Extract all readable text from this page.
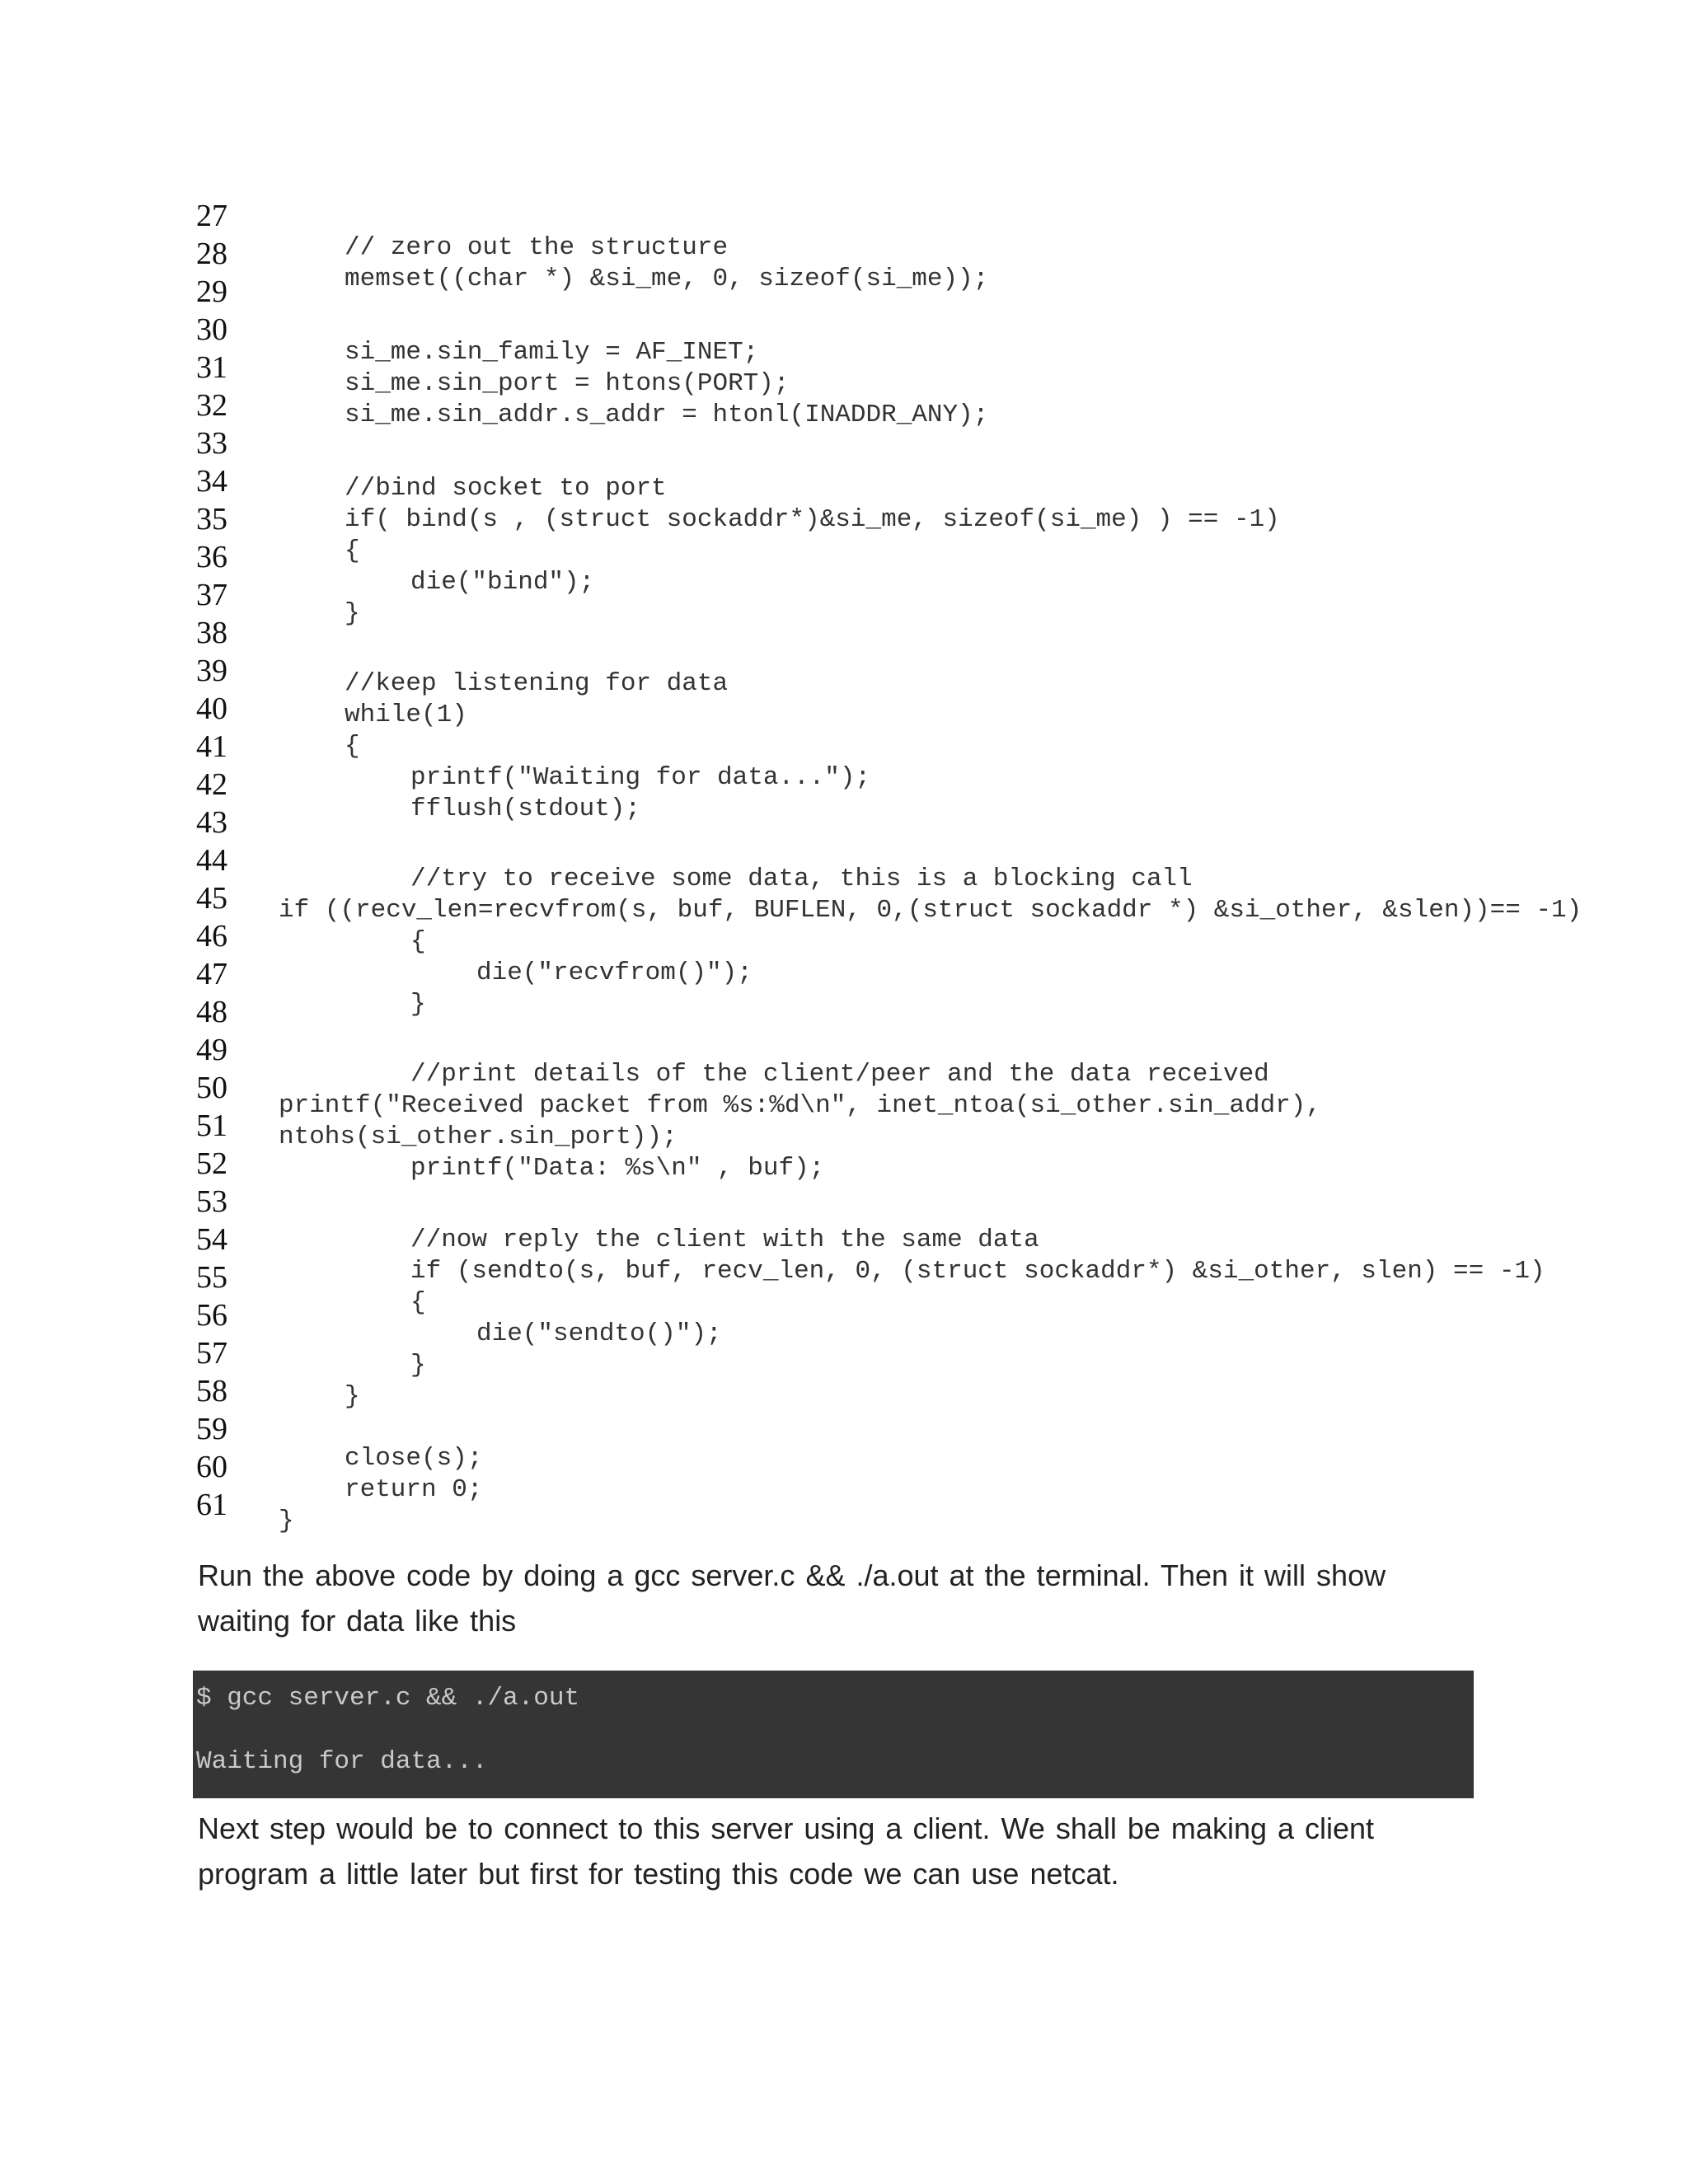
27
28
29
30
31
32
33
34
35
36
37
38
39
40
41
42
43
44
45
46
47
48
49
50
51
52
53
54
55
56
57
58
59
60
61
// zero out the structure
memset((char *) &si_me, 0, sizeof(si_me));
si_me.sin_family = AF_INET;
si_me.sin_port = htons(PORT);
si_me.sin_addr.s_addr = htonl(INADDR_ANY);
//bind socket to port
if( bind(s , (struct sockaddr*)&si_me, sizeof(si_me) ) == -1)
{
die("bind");
}
//keep listening for data
while(1)
{
printf("Waiting for data...");
fflush(stdout);
//try to receive some data, this is a blocking call
if ((recv_len=recvfrom(s, buf, BUFLEN, 0,(struct sockaddr *) &si_other, &slen))== -1)
{
die("recvfrom()");
}
//print details of the client/peer and the data received
printf("Received packet from %s:%d\n", inet_ntoa(si_other.sin_addr),
ntohs(si_other.sin_port));
printf("Data: %s\n" , buf);
//now reply the client with the same data
if (sendto(s, buf, recv_len, 0, (struct sockaddr*) &si_other, slen) == -1)
{
die("sendto()");
}
}
close(s);
return 0;
}
Run the above code by doing a gcc server.c && ./a.out at the terminal. Then it will show waiting for data like this
$ gcc server.c && ./a.out
Waiting for data...
Next step would be to connect to this server using a client. We shall be making a client program a little later but first for testing this code we can use netcat.
